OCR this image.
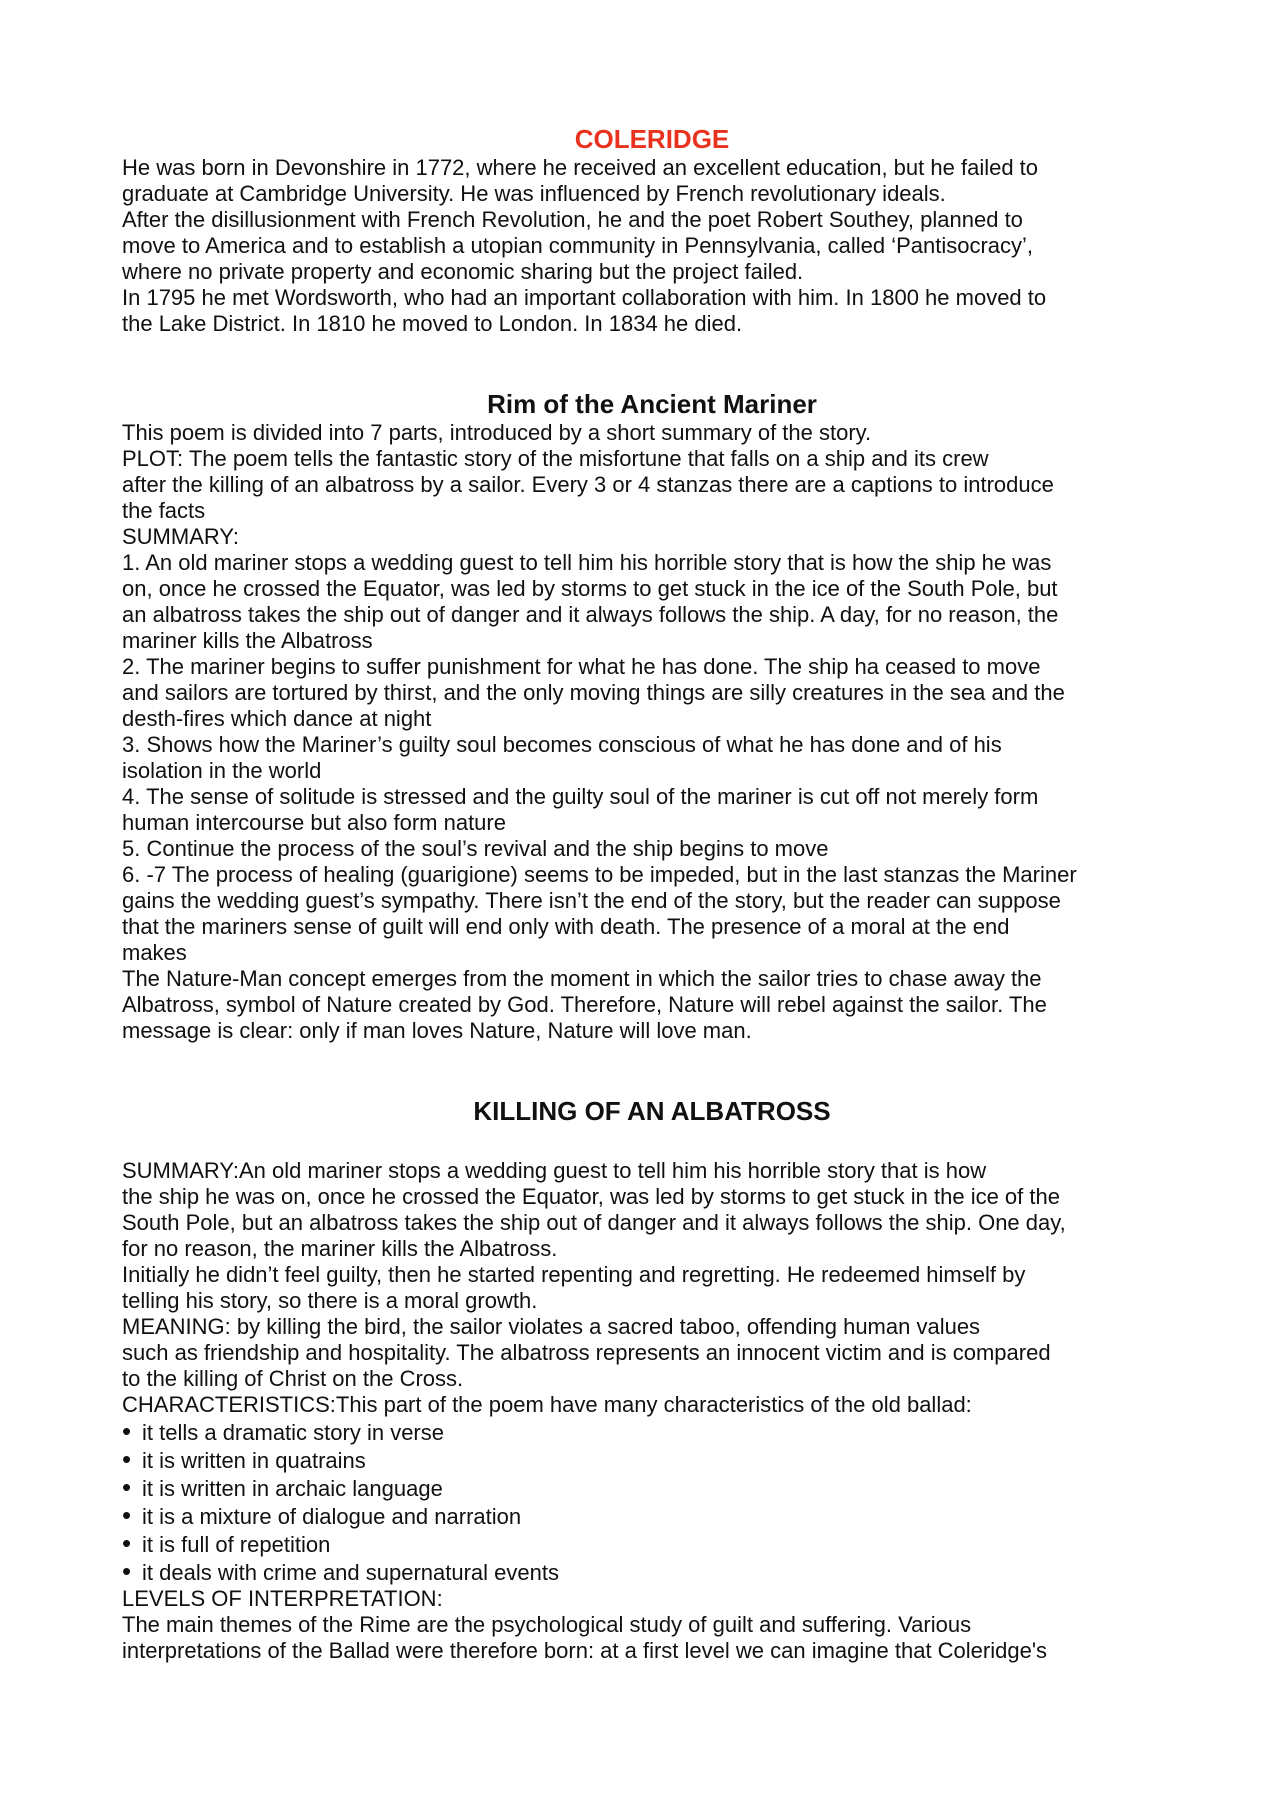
COLERIDGE
He was born in Devonshire in 1772, where he received an excellent education, but he failed to
graduate at Cambridge University. He was influenced by French revolutionary ideals.
After the disillusionment with French Revolution, he and the poet Robert Southey, planned to
move to America and to establish a utopian community in Pennsylvania, called ‘Pantisocracy’,
where no private property and economic sharing but the project failed.
In 1795 he met Wordsworth, who had an important collaboration with him. In 1800 he moved to
the Lake District. In 1810 he moved to London. In 1834 he died.
Rim of the Ancient Mariner
This poem is divided into 7 parts, introduced by a short summary of the story.
PLOT: The poem tells the fantastic story of the misfortune that falls on a ship and its crew
after the killing of an albatross by a sailor. Every 3 or 4 stanzas there are a captions to introduce
the facts
SUMMARY:
1. An old mariner stops a wedding guest to tell him his horrible story that is how the ship he was
on, once he crossed the Equator, was led by storms to get stuck in the ice of the South Pole, but
an albatross takes the ship out of danger and it always follows the ship. A day, for no reason, the
mariner kills the Albatross
2. The mariner begins to suffer punishment for what he has done. The ship ha ceased to move
and sailors are tortured by thirst, and the only moving things are silly creatures in the sea and the
desth-fires which dance at night
3. Shows how the Mariner’s guilty soul becomes conscious of what he has done and of his
isolation in the world
4. The sense of solitude is stressed and the guilty soul of the mariner is cut off not merely form
human intercourse but also form nature
5. Continue the process of the soul’s revival and the ship begins to move
6. -7 The process of healing (guarigione) seems to be impeded, but in the last stanzas the Mariner
gains the wedding guest’s sympathy. There isn’t the end of the story, but the reader can suppose
that the mariners sense of guilt will end only with death. The presence of a moral at the end
makes
The Nature-Man concept emerges from the moment in which the sailor tries to chase away the
Albatross, symbol of Nature created by God. Therefore, Nature will rebel against the sailor. The
message is clear: only if man loves Nature, Nature will love man.
KILLING OF AN ALBATROSS
SUMMARY:An old mariner stops a wedding guest to tell him his horrible story that is how
the ship he was on, once he crossed the Equator, was led by storms to get stuck in the ice of the
South Pole, but an albatross takes the ship out of danger and it always follows the ship. One day,
for no reason, the mariner kills the Albatross.
Initially he didn’t feel guilty, then he started repenting and regretting. He redeemed himself by
telling his story, so there is a moral growth.
MEANING: by killing the bird, the sailor violates a sacred taboo, offending human values
such as friendship and hospitality. The albatross represents an innocent victim and is compared
to the killing of Christ on the Cross.
CHARACTERISTICS:This part of the poem have many characteristics of the old ballad:
• it tells a dramatic story in verse
• it is written in quatrains
• it is written in archaic language
• it is a mixture of dialogue and narration
• it is full of repetition
• it deals with crime and supernatural events
LEVELS OF INTERPRETATION:
The main themes of the Rime are the psychological study of guilt and suffering. Various
interpretations of the Ballad were therefore born: at a first level we can imagine that Coleridge's
